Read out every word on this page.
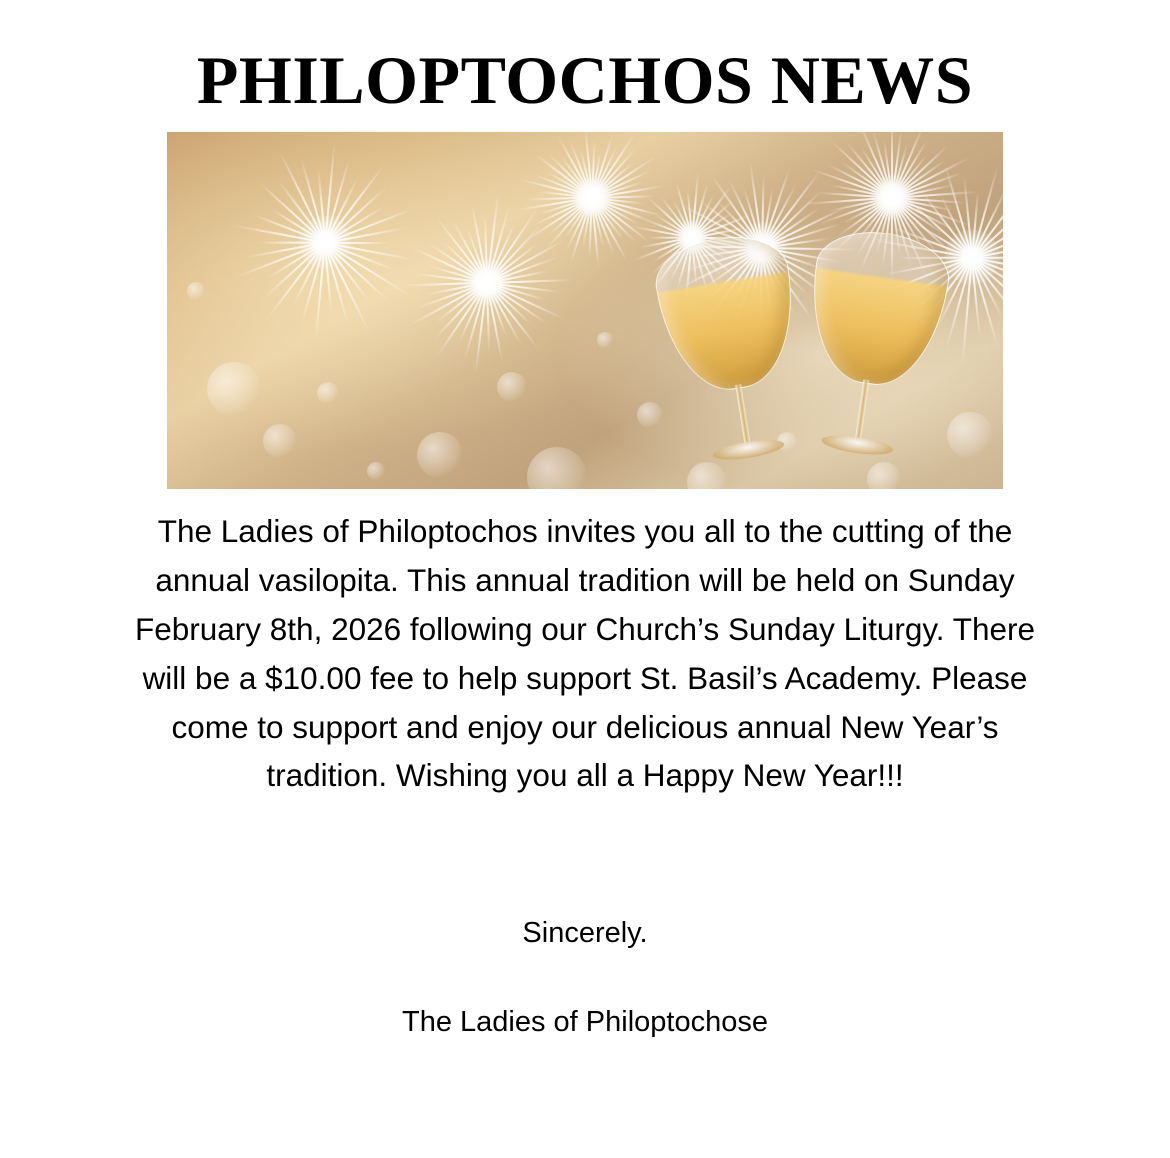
PHILOPTOCHOS NEWS

The Ladies of Philoptochos invites you all to the cutting of the annual vasilopita. This annual tradition will be held on Sunday February 8th, 2026 following our Church’s Sunday Liturgy. There will be a $10.00 fee to help support St. Basil’s Academy. Please come to support and enjoy our delicious annual New Year’s tradition. Wishing you all a Happy New Year!!!

Sincerely.

The Ladies of Philoptochose
